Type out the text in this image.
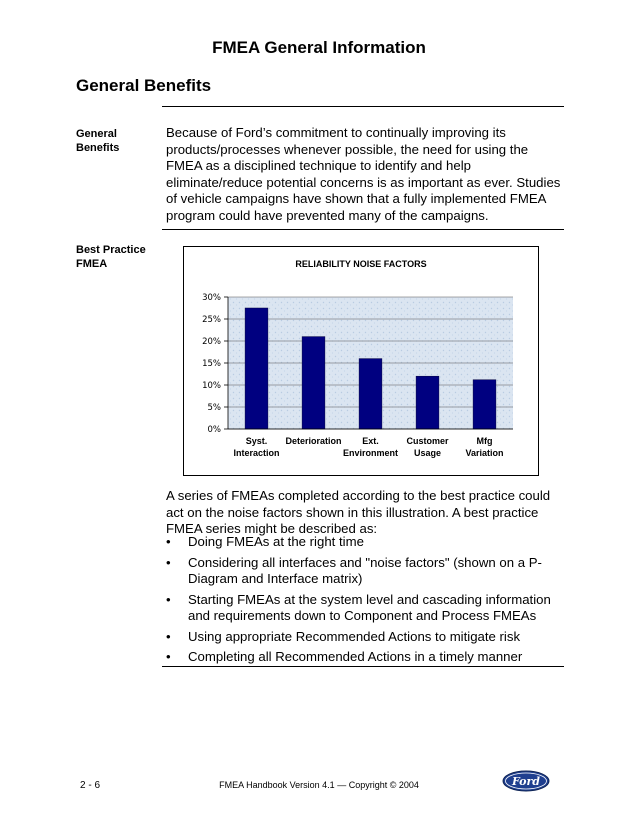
FMEA General Information
General Benefits
General
Benefits
Because of Ford’s commitment to continually improving its products/processes whenever possible, the need for using the FMEA as a disciplined technique to identify and help eliminate/reduce potential concerns is as important as ever. Studies of vehicle campaigns have shown that a fully implemented FMEA program could have prevented many of the campaigns.
Best Practice
FMEA	RELIABILITY NOISE FACTORS
0%
5%
10%
15%
20%
25%
30%
Syst.
Interaction
Deterioration Ext.
Environment
Customer
Usage
Mfg
Variation
A series of FMEAs completed according to the best practice could act on the noise factors shown in this illustration. A best practice FMEA series might be described as:
• Doing FMEAs at the right time
• Considering all interfaces and "noise factors" (shown on a P-Diagram and Interface matrix)
• Starting FMEAs at the system level and cascading information and requirements down to Component and Process FMEAs
• Using appropriate Recommended Actions to mitigate risk
• Completing all Recommended Actions in a timely manner
2 - 6	FMEA Handbook Version 4.1 — Copyright © 2004	Ford
